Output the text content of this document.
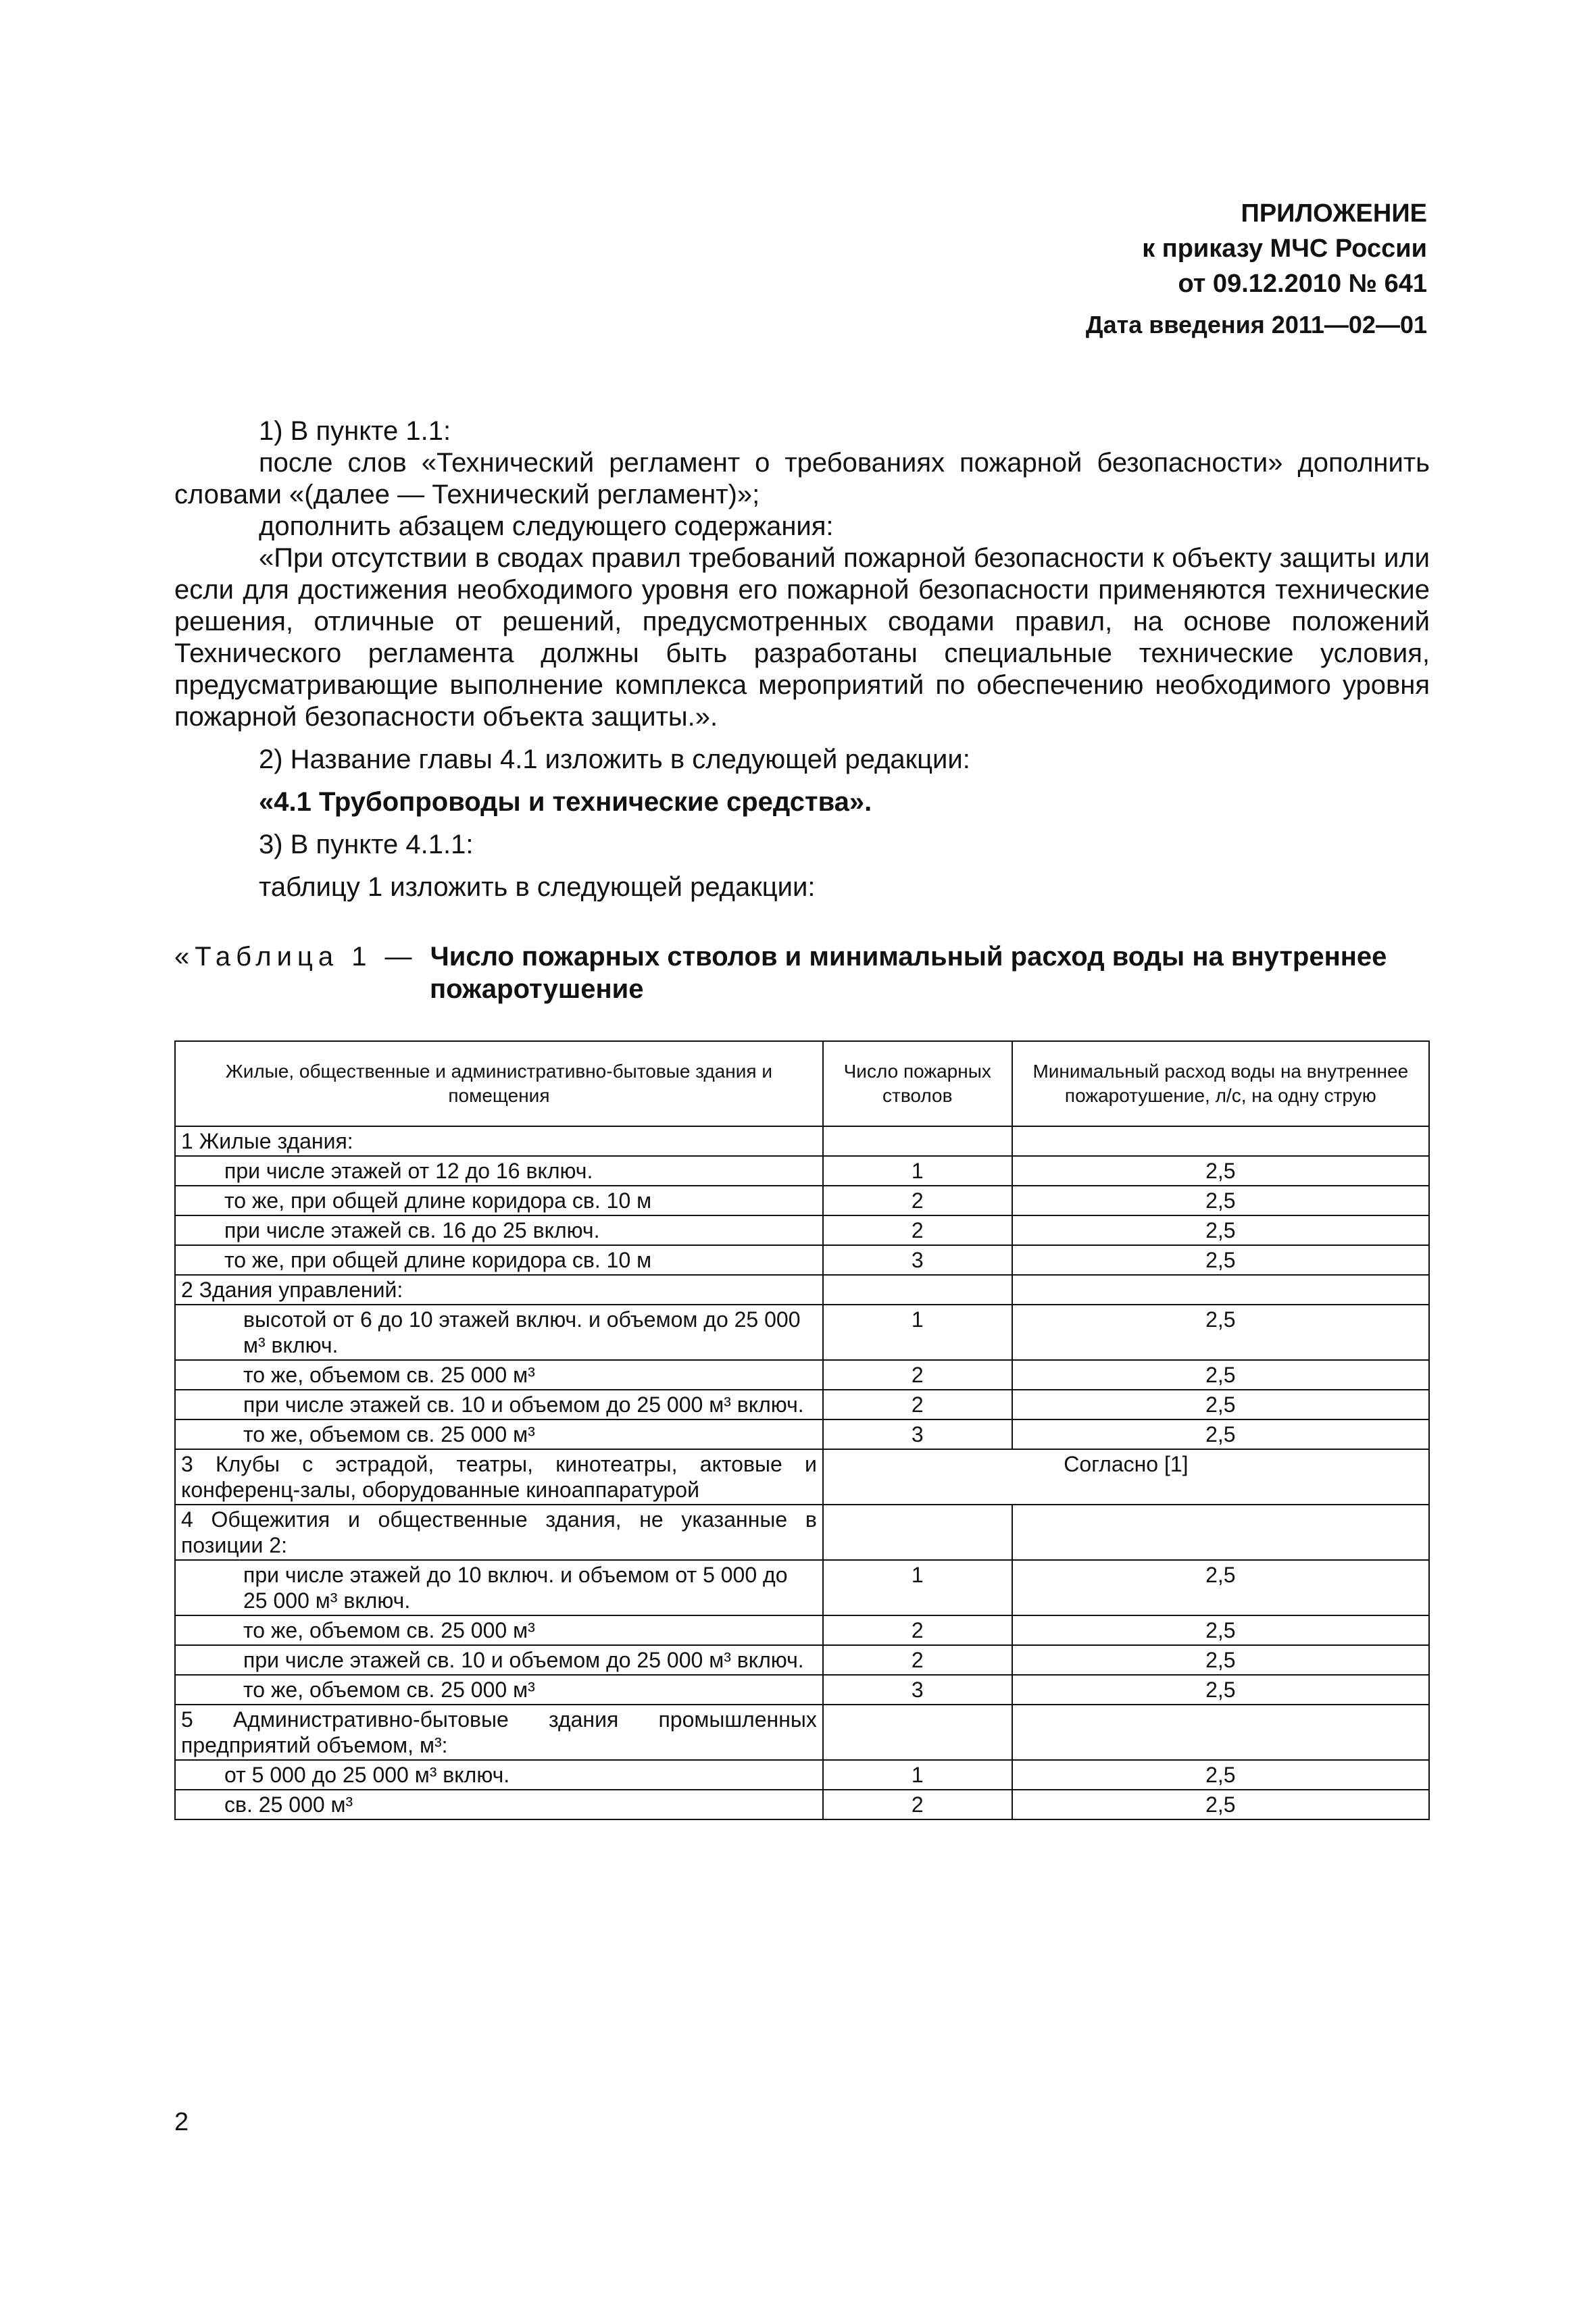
ПРИЛОЖЕНИЕ
к приказу МЧС России
от 09.12.2010 № 641
Дата введения 2011—02—01

1) В пункте 1.1:

после слов «Технический регламент о требованиях пожарной безопасности» дополнить словами «(далее — Технический регламент)»;

дополнить абзацем следующего содержания:

«При отсутствии в сводах правил требований пожарной безопасности к объекту защиты или если для достижения необходимого уровня его пожарной безопасности применяются технические решения, отличные от решений, предусмотренных сводами правил, на основе положений Технического регламента должны быть разработаны специальные технические условия, предусматривающие выполнение комплекса мероприятий по обеспечению необходимого уровня пожарной безопасности объекта защиты.».

2) Название главы 4.1 изложить в следующей редакции:

«4.1 Трубопроводы и технические средства».

3) В пункте 4.1.1:

таблицу 1 изложить в следующей редакции:

«Таблица 1 — Число пожарных стволов и минимальный расход воды на внутреннее
пожаротушение
Жилые, общественные и административно-бытовые здания и помещения	Число пожарных стволов	Минимальный расход воды на внутреннее пожаротушение, л/с, на одну струю
1 Жилые здания:		
при числе этажей от 12 до 16 включ.	1	2,5
то же, при общей длине коридора св. 10 м	2	2,5
при числе этажей св. 16 до 25 включ.	2	2,5
то же, при общей длине коридора св. 10 м	3	2,5
2 Здания управлений:		
высотой от 6 до 10 этажей включ. и объемом до 25 000 м³ включ.	1	2,5
то же, объемом св. 25 000 м³	2	2,5
при числе этажей св. 10 и объемом до 25 000 м³ включ.	2	2,5
то же, объемом св. 25 000 м³	3	2,5
3 Клубы с эстрадой, театры, кинотеатры, актовые и конференц-залы, оборудованные киноаппаратурой	Согласно [1]	
4 Общежития и общественные здания, не указанные в позиции 2:		
при числе этажей до 10 включ. и объемом от 5 000 до 25 000 м³ включ.	1	2,5
то же, объемом св. 25 000 м³	2	2,5
при числе этажей св. 10 и объемом до 25 000 м³ включ.	2	2,5
то же, объемом св. 25 000 м³	3	2,5
5 Административно-бытовые здания промышленных предприятий объемом, м³:		
от 5 000 до 25 000 м³ включ.	1	2,5
св. 25 000 м³	2	2,5
2
